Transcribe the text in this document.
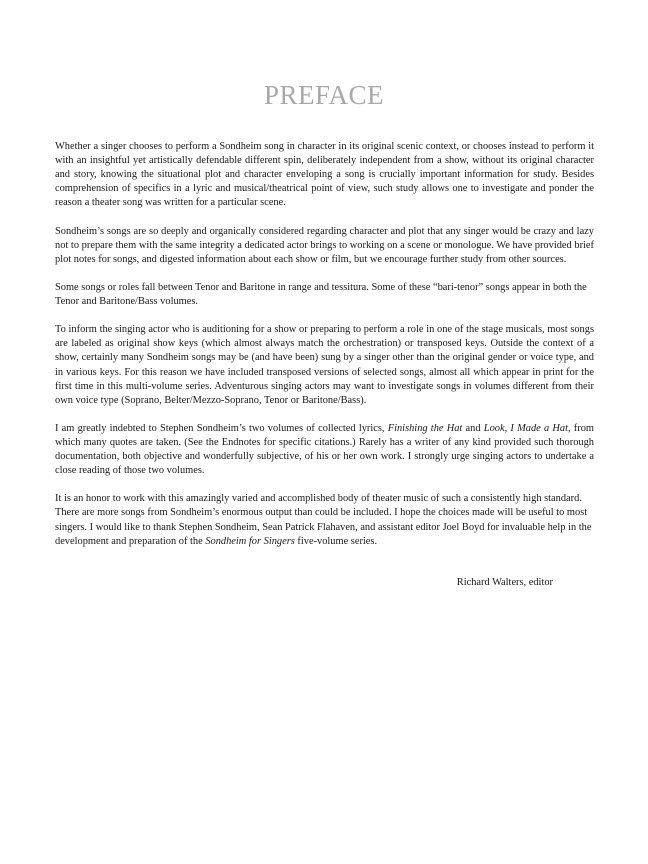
PREFACE

Whether a singer chooses to perform a Sondheim song in character in its original scenic context, or chooses instead to perform it with an insightful yet artistically defendable different spin, deliberately independent from a show, without its original character and story, knowing the situational plot and character enveloping a song is crucially important information for study. Besides comprehension of specifics in a lyric and musical/theatrical point of view, such study allows one to investigate and ponder the reason a theater song was written for a particular scene.

Sondheim’s songs are so deeply and organically considered regarding character and plot that any singer would be crazy and lazy not to prepare them with the same integrity a dedicated actor brings to working on a scene or monologue. We have provided brief plot notes for songs, and digested information about each show or film, but we encourage further study from other sources.

Some songs or roles fall between Tenor and Baritone in range and tessitura. Some of these “bari-tenor” songs appear in both the Tenor and Baritone/Bass volumes.

To inform the singing actor who is auditioning for a show or preparing to perform a role in one of the stage musicals, most songs are labeled as original show keys (which almost always match the orchestration) or transposed keys. Outside the context of a show, certainly many Sondheim songs may be (and have been) sung by a singer other than the original gender or voice type, and in various keys. For this reason we have included transposed versions of selected songs, almost all which appear in print for the first time in this multi-volume series. Adventurous singing actors may want to investigate songs in volumes different from their own voice type (Soprano, Belter/Mezzo-Soprano, Tenor or Baritone/Bass).

I am greatly indebted to Stephen Sondheim’s two volumes of collected lyrics, Finishing the Hat and Look, I Made a Hat, from which many quotes are taken. (See the Endnotes for specific citations.) Rarely has a writer of any kind provided such thorough documentation, both objective and wonderfully subjective, of his or her own work. I strongly urge singing actors to undertake a close reading of those two volumes.

It is an honor to work with this amazingly varied and accomplished body of theater music of such a consistently high standard. There are more songs from Sondheim’s enormous output than could be included. I hope the choices made will be useful to most singers. I would like to thank Stephen Sondheim, Sean Patrick Flahaven, and assistant editor Joel Boyd for invaluable help in the development and preparation of the Sondheim for Singers five-volume series.

Richard Walters, editor
